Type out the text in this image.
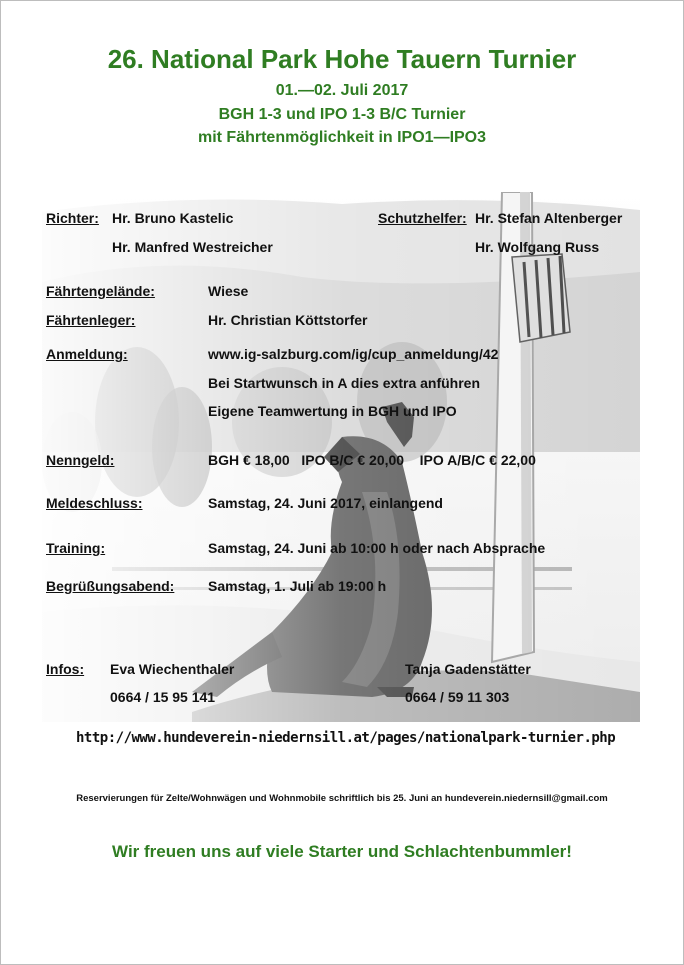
26. National Park Hohe Tauern Turnier
01.—02. Juli 2017
BGH 1-3 und IPO 1-3 B/C Turnier
mit Fährtenmöglichkeit in IPO1—IPO3
Richter: Hr. Bruno Kastelic
Hr. Manfred Westreicher
Schutzhelfer: Hr. Stefan Altenberger
Hr. Wolfgang Russ
Fährtengelände:	Wiese
Fährtenleger:	Hr. Christian Köttstorfer
Anmeldung:	www.ig-salzburg.com/ig/cup_anmeldung/42
Bei Startwunsch in A dies extra anführen
Eigene Teamwertung in BGH und IPO
Nenngeld:	BGH € 18,00   IPO B/C € 20,00    IPO A/B/C € 22,00
Meldeschluss:	Samstag, 24. Juni 2017, einlangend
Training:	Samstag, 24. Juni ab 10:00 h oder nach Absprache
Begrüßungsabend: Samstag, 1. Juli ab 19:00 h
Infos: Eva Wiechenthaler
0664 / 15 95 141
Tanja Gadenstätter
0664 / 59 11 303
http://www.hundeverein-niedernsill.at/pages/nationalpark-turnier.php
Reservierungen für Zelte/Wohnwägen und Wohnmobile schriftlich bis 25. Juni an hundeverein.niedernsill@gmail.com
Wir freuen uns auf viele Starter und Schlachtenbummler!
